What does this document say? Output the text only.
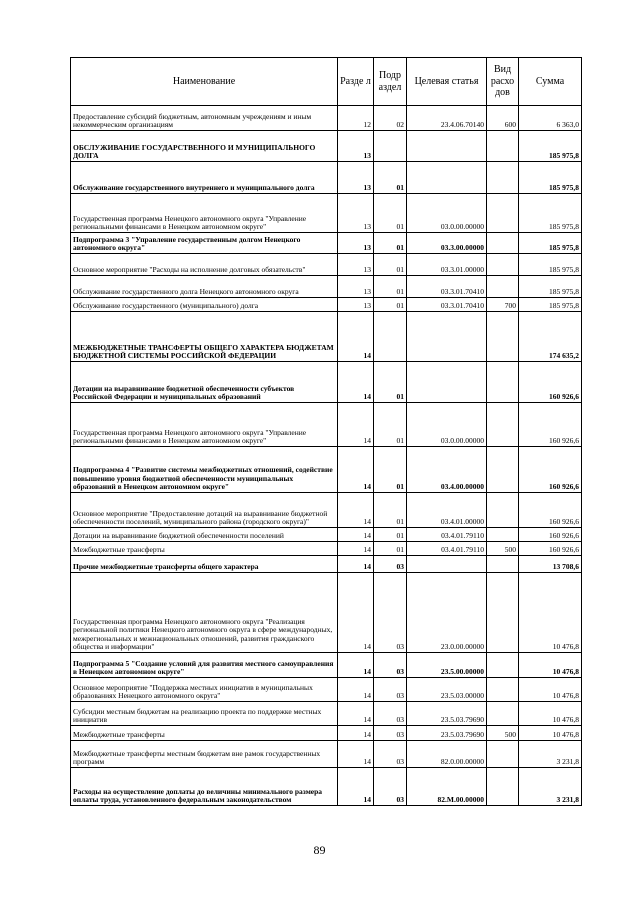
Наименование	Разде л	Подр аздел	Целевая статья	Вид расхо дов	Сумма
Предоставление субсидий бюджетным, автономным учреждениям и иным некоммерческим организациям	12	02	23.4.06.70140	600	6 363,0
ОБСЛУЖИВАНИЕ ГОСУДАРСТВЕННОГО И МУНИЦИПАЛЬНОГО ДОЛГА	13				185 975,8
Обслуживание государственного внутреннего и муниципального долга	13	01			185 975,8
Государственная программа Ненецкого автономного округа "Управление региональными финансами в Ненецком автономном округе"	13	01	03.0.00.00000		185 975,8
Подпрограмма 3 "Управление государственным долгом Ненецкого автономного округа"	13	01	03.3.00.00000		185 975,8
Основное мероприятие "Расходы на исполнение долговых обязательств"	13	01	03.3.01.00000		185 975,8
Обслуживание государственного долга Ненецкого автономного округа	13	01	03.3.01.70410		185 975,8
Обслуживание государственного (муниципального) долга	13	01	03.3.01.70410	700	185 975,8
МЕЖБЮДЖЕТНЫЕ ТРАНСФЕРТЫ ОБЩЕГО ХАРАКТЕРА БЮДЖЕТАМ БЮДЖЕТНОЙ СИСТЕМЫ РОССИЙСКОЙ ФЕДЕРАЦИИ	14				174 635,2
Дотации на выравнивание бюджетной обеспеченности субъектов Российской Федерации и муниципальных образований	14	01			160 926,6
Государственная программа Ненецкого автономного округа "Управление региональными финансами в Ненецком автономном округе"	14	01	03.0.00.00000		160 926,6
Подпрограмма 4 "Развитие системы межбюджетных отношений, содействие повышению уровня бюджетной обеспеченности муниципальных образований в Ненецком автономном округе"	14	01	03.4.00.00000		160 926,6
Основное мероприятие "Предоставление дотаций на выравнивание бюджетной обеспеченности поселений, муниципального района (городского округа)"	14	01	03.4.01.00000		160 926,6
Дотации на выравнивание бюджетной обеспеченности поселений	14	01	03.4.01.79110		160 926,6
Межбюджетные трансферты	14	01	03.4.01.79110	500	160 926,6
Прочие межбюджетные трансферты общего характера	14	03			13 708,6
Государственная программа Ненецкого автономного округа "Реализация региональной политики Ненецкого автономного округа в сфере международных, межрегиональных и межнациональных отношений, развития гражданского общества и информации"	14	03	23.0.00.00000		10 476,8
Подпрограмма 5 "Создание условий для развития местного самоуправления в Ненецком автономном округе"	14	03	23.5.00.00000		10 476,8
Основное мероприятие "Поддержка местных инициатив в муниципальных образованиях Ненецкого автономного округа"	14	03	23.5.03.00000		10 476,8
Субсидии местным бюджетам на реализацию проекта по поддержке местных инициатив	14	03	23.5.03.79690		10 476,8
Межбюджетные трансферты	14	03	23.5.03.79690	500	10 476,8
Межбюджетные трансферты местным бюджетам вне рамок государственных программ	14	03	82.0.00.00000		3 231,8
Расходы на осуществление доплаты до величины минимального размера оплаты труда, установленного федеральным законодательством	14	03	82.М.00.00000		3 231,8
89
